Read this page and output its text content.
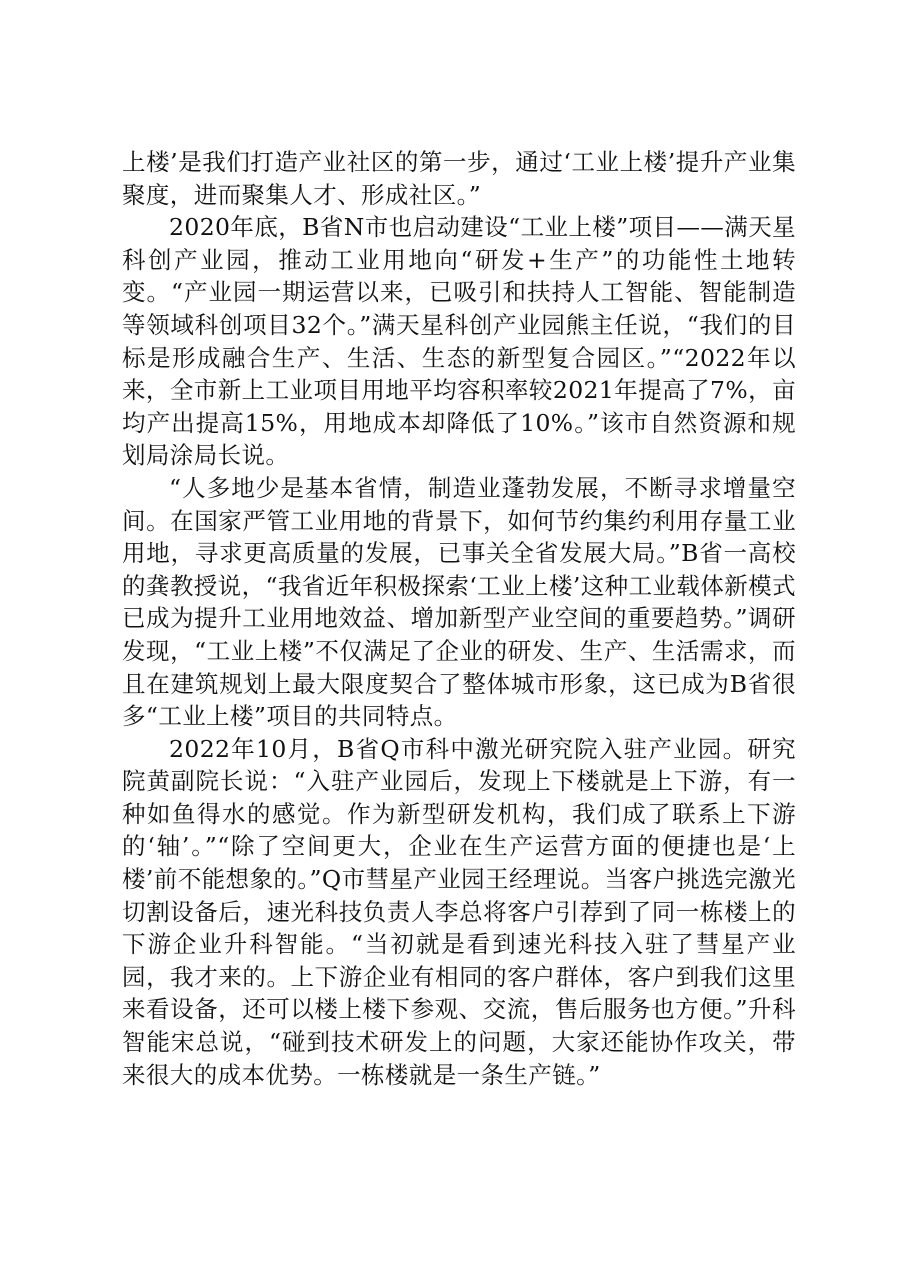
上楼’是我们打造产业社区的第一步，通过‘工业上楼’提升产业集聚度，进而聚集人才、形成社区。”

2020年底，B省N市也启动建设“工业上楼”项目——满天星科创产业园，推动工业用地向“研发+生产”的功能性土地转变。“产业园一期运营以来，已吸引和扶持人工智能、智能制造等领域科创项目32个。”满天星科创产业园熊主任说，“我们的目标是形成融合生产、生活、生态的新型复合园区。”“2022年以来，全市新上工业项目用地平均容积率较2021年提高了7%，亩均产出提高15%，用地成本却降低了10%。”该市自然资源和规划局涂局长说。

“人多地少是基本省情，制造业蓬勃发展，不断寻求增量空间。在国家严管工业用地的背景下，如何节约集约利用存量工业用地，寻求更高质量的发展，已事关全省发展大局。”B省一高校的龚教授说，“我省近年积极探索‘工业上楼’这种工业载体新模式已成为提升工业用地效益、增加新型产业空间的重要趋势。”调研发现，“工业上楼”不仅满足了企业的研发、生产、生活需求，而且在建筑规划上最大限度契合了整体城市形象，这已成为B省很多“工业上楼”项目的共同特点。

2022年10月，B省Q市科中激光研究院入驻产业园。研究院黄副院长说：“入驻产业园后，发现上下楼就是上下游，有一种如鱼得水的感觉。作为新型研发机构，我们成了联系上下游的‘轴’。”“除了空间更大，企业在生产运营方面的便捷也是‘上楼’前不能想象的。”Q市彗星产业园王经理说。当客户挑选完激光切割设备后，速光科技负责人李总将客户引荐到了同一栋楼上的下游企业升科智能。“当初就是看到速光科技入驻了彗星产业园，我才来的。上下游企业有相同的客户群体，客户到我们这里来看设备，还可以楼上楼下参观、交流，售后服务也方便。”升科智能宋总说，“碰到技术研发上的问题，大家还能协作攻关，带来很大的成本优势。一栋楼就是一条生产链。”
